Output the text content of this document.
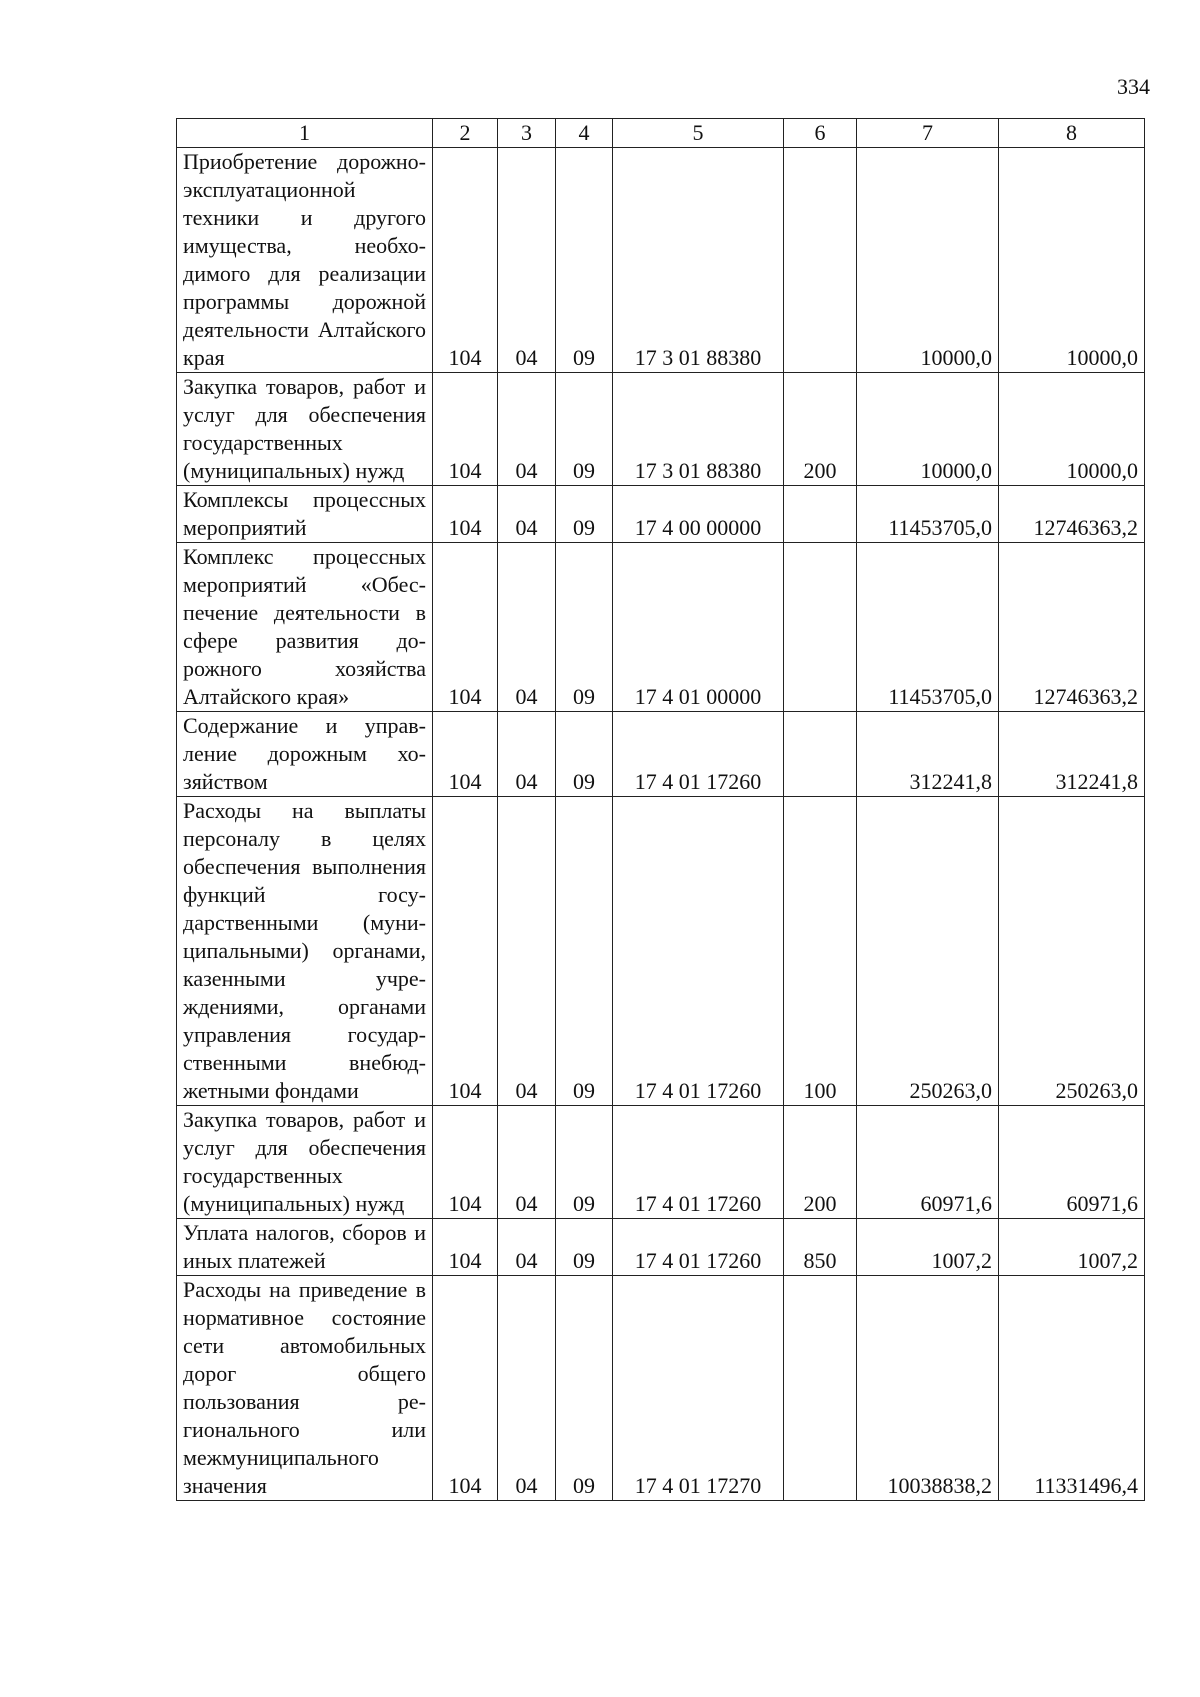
334
1	2	3	4	5	6	7	8
Приобретение дорожно-эксплуатационной техники и другого имущества, необходимого для реализации программы дорожной деятельности Алтайского края	104	04	09	17 3 01 88380		10000,0	10000,0
Закупка товаров, работ и услуг для обеспечения государственных (муниципальных) нужд	104	04	09	17 3 01 88380	200	10000,0	10000,0
Комплексы процессных мероприятий	104	04	09	17 4 00 00000		11453705,0	12746363,2
Комплекс процессных мероприятий «Обеспечение деятельности в сфере развития дорожного хозяйства Алтайского края»	104	04	09	17 4 01 00000		11453705,0	12746363,2
Содержание и управление дорожным хозяйством	104	04	09	17 4 01 17260		312241,8	312241,8
Расходы на выплаты персоналу в целях обеспечения выполнения функций государственными (муниципальными) органами, казенными учреждениями, органами управления государственными внебюджетными фондами	104	04	09	17 4 01 17260	100	250263,0	250263,0
Закупка товаров, работ и услуг для обеспечения государственных (муниципальных) нужд	104	04	09	17 4 01 17260	200	60971,6	60971,6
Уплата налогов, сборов и иных платежей	104	04	09	17 4 01 17260	850	1007,2	1007,2
Расходы на приведение в нормативное состояние сети автомобильных дорог общего пользования регионального или межмуниципального значения	104	04	09	17 4 01 17270		10038838,2	11331496,4
